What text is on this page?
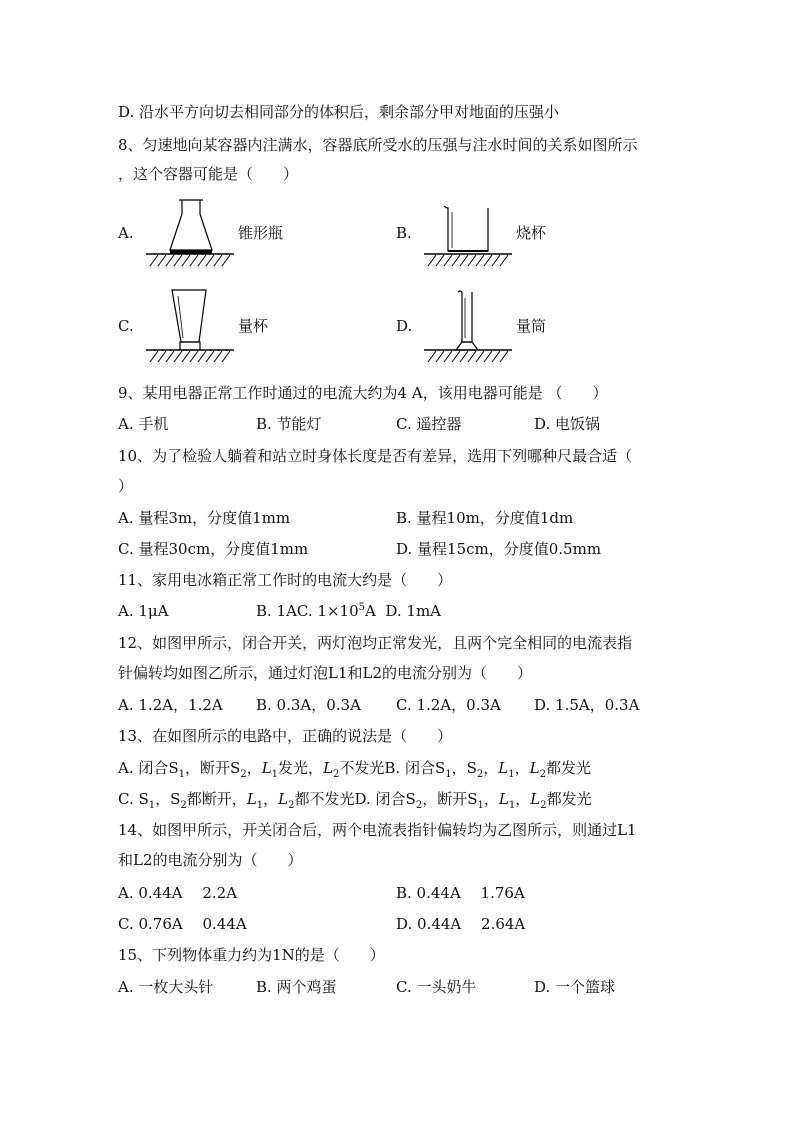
D. 沿水平方向切去相同部分的体积后，剩余部分甲对地面的压强小
8、匀速地向某容器内注满水，容器底所受水的压强与注水时间的关系如图所示
，这个容器可能是（　　）
A.	锥形瓶	B.	烧杯
C.	量杯	D.	量筒
9、某用电器正常工作时通过的电流大约为4 A，该用电器可能是 （　　）
A. 手机	B. 节能灯	C. 遥控器	D. 电饭锅
10、为了检验人躺着和站立时身体长度是否有差异，选用下列哪种尺最合适（
）
A. 量程3m，分度值1mm	B. 量程10m，分度值1dm
C. 量程30cm，分度值1mm	D. 量程15cm，分度值0.5mm
11、家用电冰箱正常工作时的电流大约是（　　）
A. 1μA	B. 1AC. $1\times 10^5A$ D. 1mA
12、如图甲所示，闭合开关，两灯泡均正常发光，且两个完全相同的电流表指
针偏转均如图乙所示，通过灯泡L1和L2的电流分别为（　　）
A. 1.2A，1.2A B. 0.3A，0.3A C. 1.2A，0.3A D. 1.5A，0.3A
13、在如图所示的电路中，正确的说法是（　　）
A. 闭合$S_1$，断开$S_2$，$L_1$发光，$L_2$不发光B. 闭合$S_1$，$S_2$，$L_1$，$L_2$都发光
C. $S_1$，$S_2$都断开，$L_1$，$L_2$都不发光D. 闭合$S_2$，断开$S_1$，$L_1$，$L_2$都发光
14、如图甲所示，开关闭合后，两个电流表指针偏转均为乙图所示，则通过L1
和L2的电流分别为（　　）
A. 0.44A　 2.2A	B. 0.44A　 1.76A
C. 0.76A　 0.44A	D. 0.44A　 2.64A
15、下列物体重力约为1N的是（　　）
A. 一枚大头针	B. 两个鸡蛋	C. 一头奶牛	D. 一个篮球
